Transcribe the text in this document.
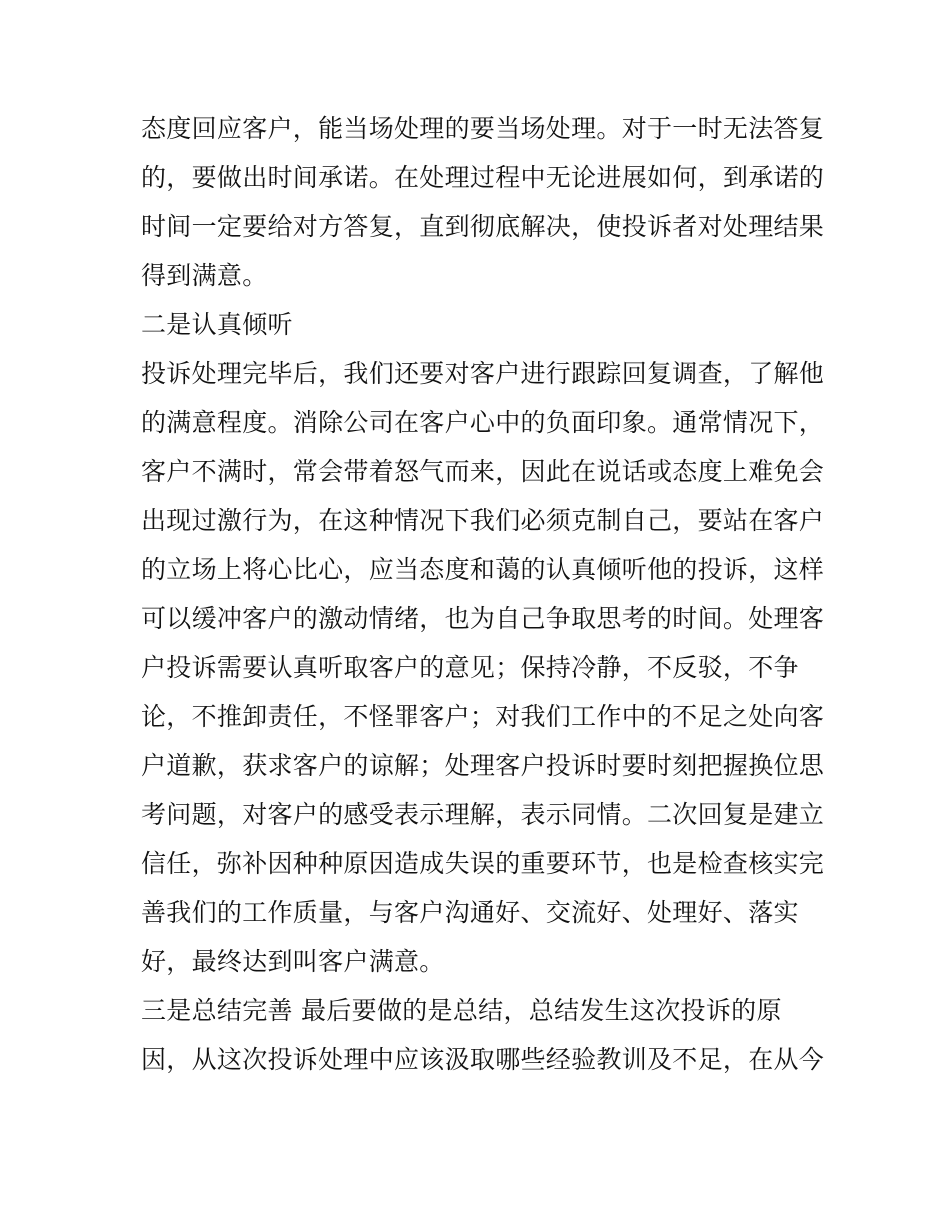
态度回应客户，能当场处理的要当场处理。对于一时无法答复
的，要做出时间承诺。在处理过程中无论进展如何，到承诺的
时间一定要给对方答复，直到彻底解决，使投诉者对处理结果
得到满意。
二是认真倾听
投诉处理完毕后，我们还要对客户进行跟踪回复调查，了解他
的满意程度。消除公司在客户心中的负面印象。通常情况下，
客户不满时，常会带着怒气而来，因此在说话或态度上难免会
出现过激行为，在这种情况下我们必须克制自己，要站在客户
的立场上将心比心，应当态度和蔼的认真倾听他的投诉，这样
可以缓冲客户的激动情绪，也为自己争取思考的时间。处理客
户投诉需要认真听取客户的意见；保持冷静，不反驳，不争
论，不推卸责任，不怪罪客户；对我们工作中的不足之处向客
户道歉，获求客户的谅解；处理客户投诉时要时刻把握换位思
考问题，对客户的感受表示理解，表示同情。二次回复是建立
信任，弥补因种种原因造成失误的重要环节，也是检查核实完
善我们的工作质量，与客户沟通好、交流好、处理好、落实
好，最终达到叫客户满意。
三是总结完善 最后要做的是总结，总结发生这次投诉的原
因，从这次投诉处理中应该汲取哪些经验教训及不足，在从今
